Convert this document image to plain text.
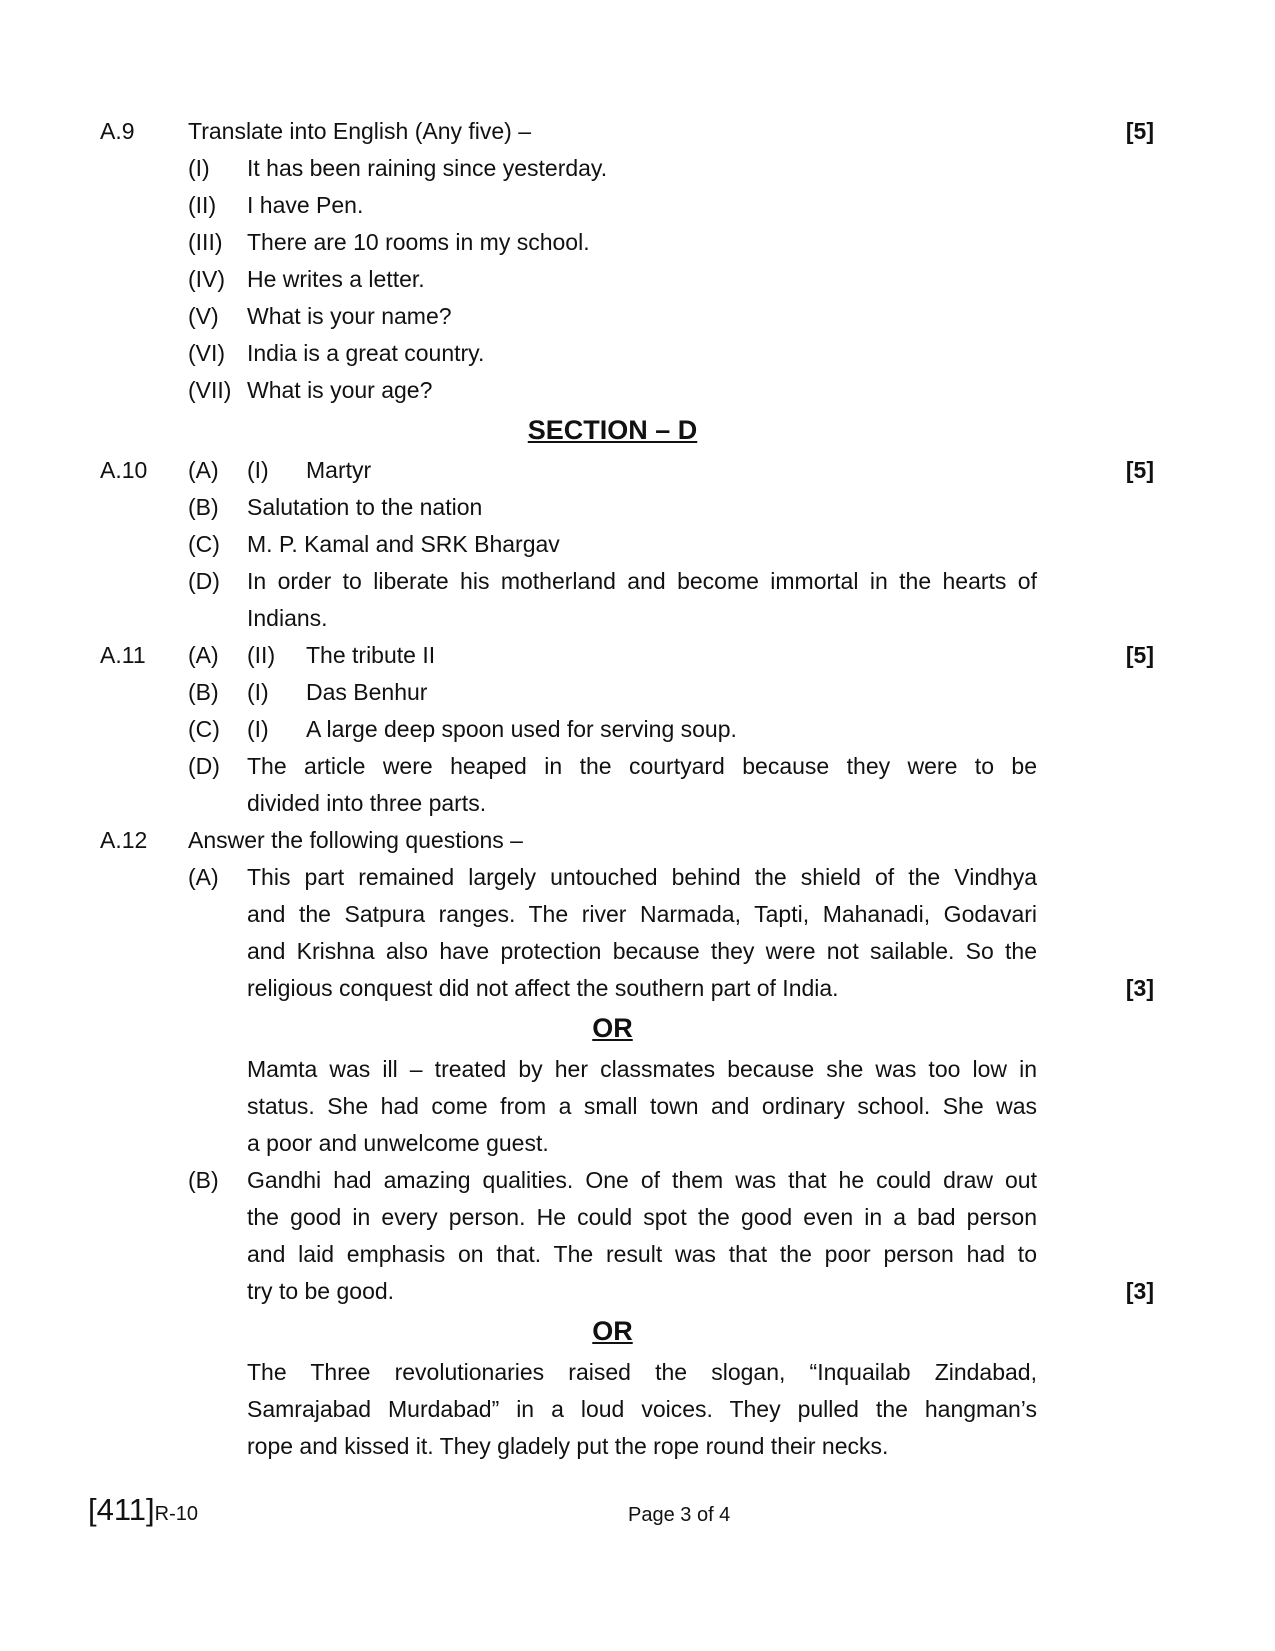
A.9 Translate into English (Any five) –	[5]
(I) It has been raining since yesterday.
(II) I have Pen.
(III) There are 10 rooms in my school.
(IV) He writes a letter.
(V) What is your name?
(VI) India is a great country.
(VII) What is your age?
SECTION – D
A.10 (A) (I) Martyr	[5]
(B) Salutation to the nation
(C) M. P. Kamal and SRK Bhargav
(D) In order to liberate his motherland and become immortal in the hearts of
Indians.
A.11 (A) (II) The tribute II	[5]
(B) (I) Das Benhur
(C) (I) A large deep spoon used for serving soup.
(D) The article were heaped in the courtyard because they were to be
divided into three parts.
A.12 Answer the following questions –
(A) This part remained largely untouched behind the shield of the Vindhya
and the Satpura ranges. The river Narmada, Tapti, Mahanadi, Godavari
and Krishna also have protection because they were not sailable. So the
religious conquest did not affect the southern part of India.	[3]
OR
Mamta was ill – treated by her classmates because she was too low in
status. She had come from a small town and ordinary school. She was
a poor and unwelcome guest.
(B) Gandhi had amazing qualities. One of them was that he could draw out
the good in every person. He could spot the good even in a bad person
and laid emphasis on that. The result was that the poor person had to
try to be good.	[3]
OR
The Three revolutionaries raised the slogan, “Inquailab Zindabad,
Samrajabad Murdabad” in a loud voices. They pulled the hangman’s
rope and kissed it. They gladely put the rope round their necks.
[411]R-10	Page 3 of 4
